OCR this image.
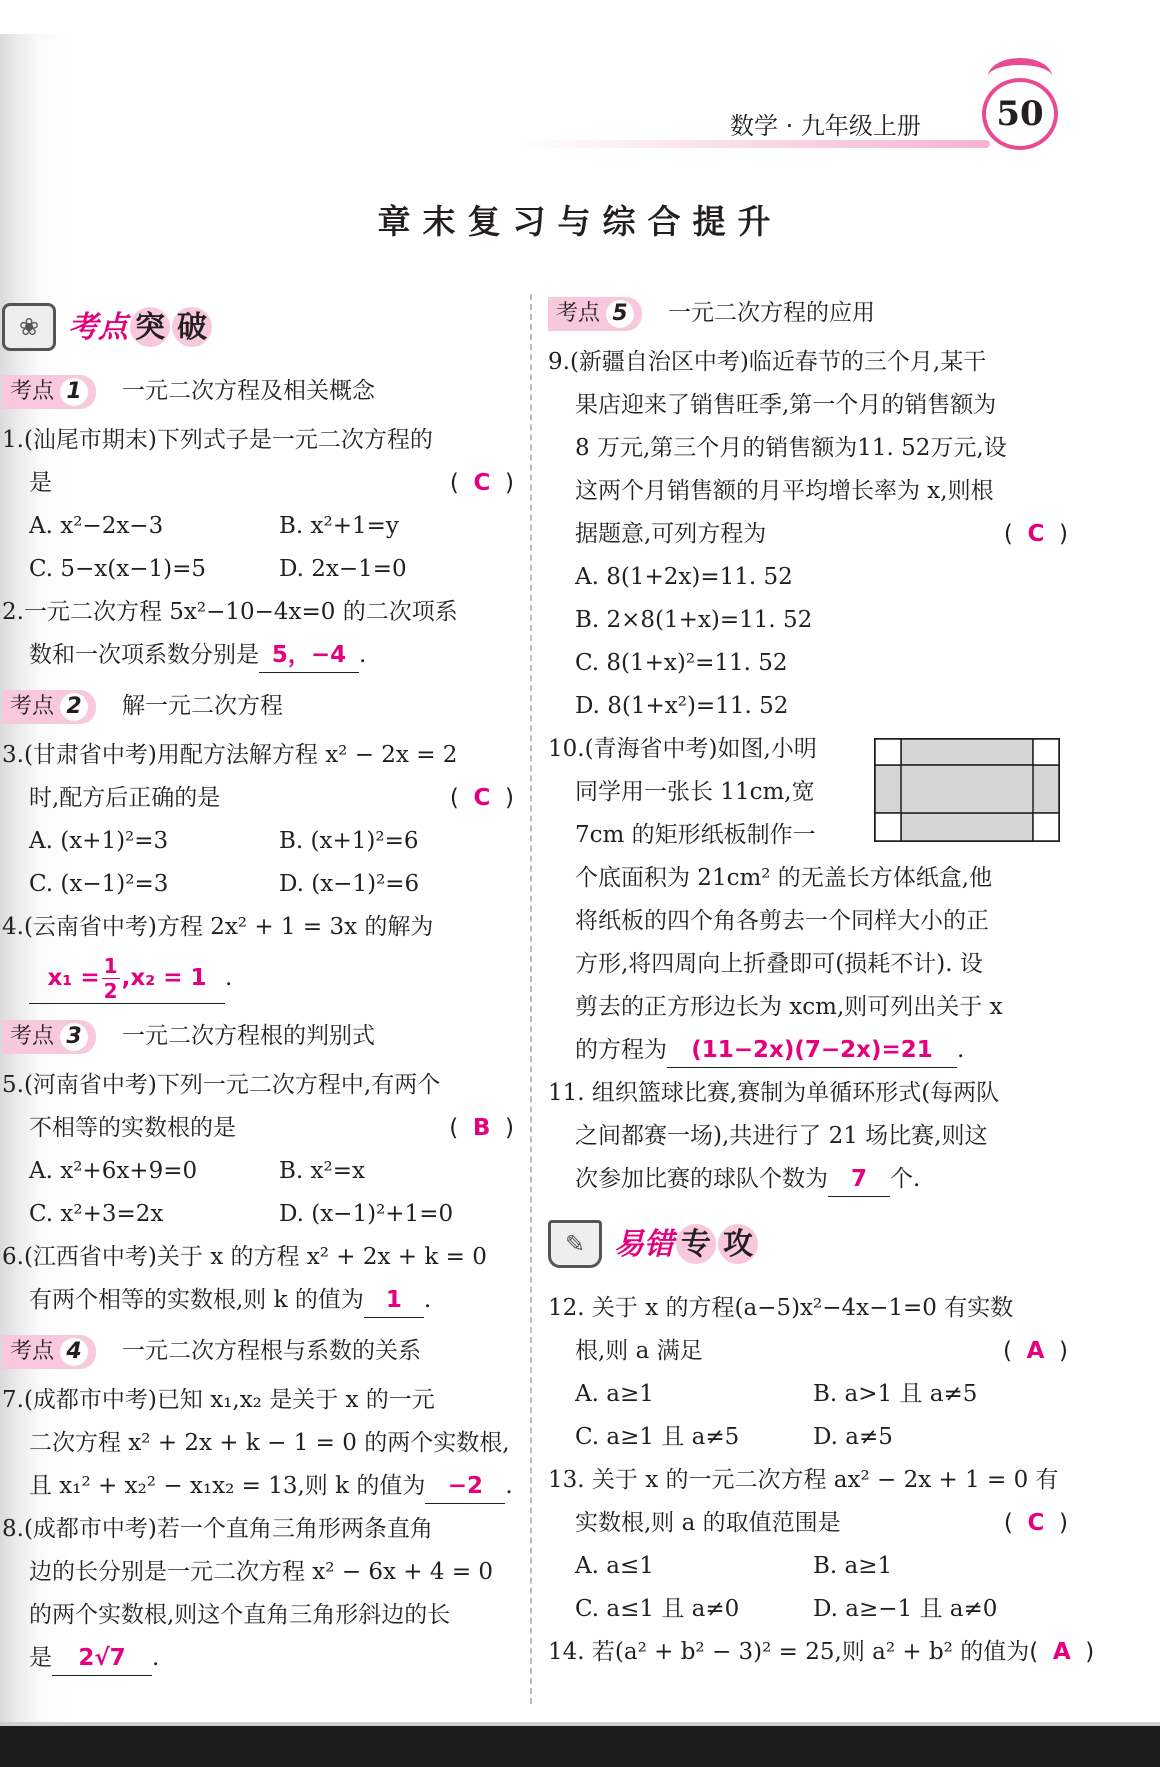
数学 · 九年级上册	50
章末复习与综合提升
❀ 考点 突 破
考点 1 一元二次方程及相关概念
1.(汕尾市期末)下列式子是一元二次方程的
是	(  C  )
A. x²−2x−3	B. x²+1=y
C. 5−x(x−1)=5	D. 2x−1=0
2.一元二次方程 5x²−10−4x=0 的二次项系
数和一次项系数分别是 5，−4 .
考点 2 解一元二次方程
3.(甘肃省中考)用配方法解方程 x² − 2x = 2
时,配方后正确的是	(  C  )
A. (x+1)²=3	B. (x+1)²=6
C. (x−1)²=3	D. (x−1)²=6
4.(云南省中考)方程 2x² + 1 = 3x 的解为
$x_1 = \frac{1}{2} ,x_2 = 1$ .
考点 3 一元二次方程根的判别式
5.(河南省中考)下列一元二次方程中,有两个
不相等的实数根的是	(  B  )
A. x²+6x+9=0	B. x²=x
C. x²+3=2x	D. (x−1)²+1=0
6.(江西省中考)关于 x 的方程 x² + 2x + k = 0
有两个相等的实数根,则 k 的值为 1 .
考点 4 一元二次方程根与系数的关系
7.(成都市中考)已知 x₁,x₂ 是关于 x 的一元
二次方程 x² + 2x + k − 1 = 0 的两个实数根,
且 x₁² + x₂² − x₁x₂ = 13,则 k 的值为 −2 .
8.(成都市中考)若一个直角三角形两条直角
边的长分别是一元二次方程 x² − 6x + 4 = 0
的两个实数根,则这个直角三角形斜边的长
是	2√7	.
考点 5 一元二次方程的应用
9.(新疆自治区中考)临近春节的三个月,某干
果店迎来了销售旺季,第一个月的销售额为
8 万元,第三个月的销售额为11. 52万元,设
这两个月销售额的月平均增长率为 x,则根
据题意,可列方程为	(  C  )
A. 8(1+2x)=11. 52
B. 2×8(1+x)=11. 52
C. 8(1+x)²=11. 52
D. 8(1+x²)=11. 52
10.(青海省中考)如图,小明
同学用一张长 11cm,宽
7cm 的矩形纸板制作一
个底面积为 21cm² 的无盖长方体纸盒,他
将纸板的四个角各剪去一个同样大小的正
方形,将四周向上折叠即可(损耗不计). 设
剪去的正方形边长为 xcm,则可列出关于 x
的方程为	(11−2x)(7−2x)=21	.
11. 组织篮球比赛,赛制为单循环形式(每两队
之间都赛一场),共进行了 21 场比赛,则这
次参加比赛的球队个数为 7	个.
✎ 易错 专 攻
12. 关于 x 的方程(a−5)x²−4x−1=0 有实数
根,则 a 满足	(  A  )
A. a≥1	B. a>1 且 a≠5
C. a≥1 且 a≠5	D. a≠5
13. 关于 x 的一元二次方程 ax² − 2x + 1 = 0 有
实数根,则 a 的取值范围是	(  C  )
A. a≤1	B. a≥1
C. a≤1 且 a≠0	D. a≥−1 且 a≠0
14. 若(a² + b² − 3)² = 25,则 a² + b² 的值为 (  A  )
